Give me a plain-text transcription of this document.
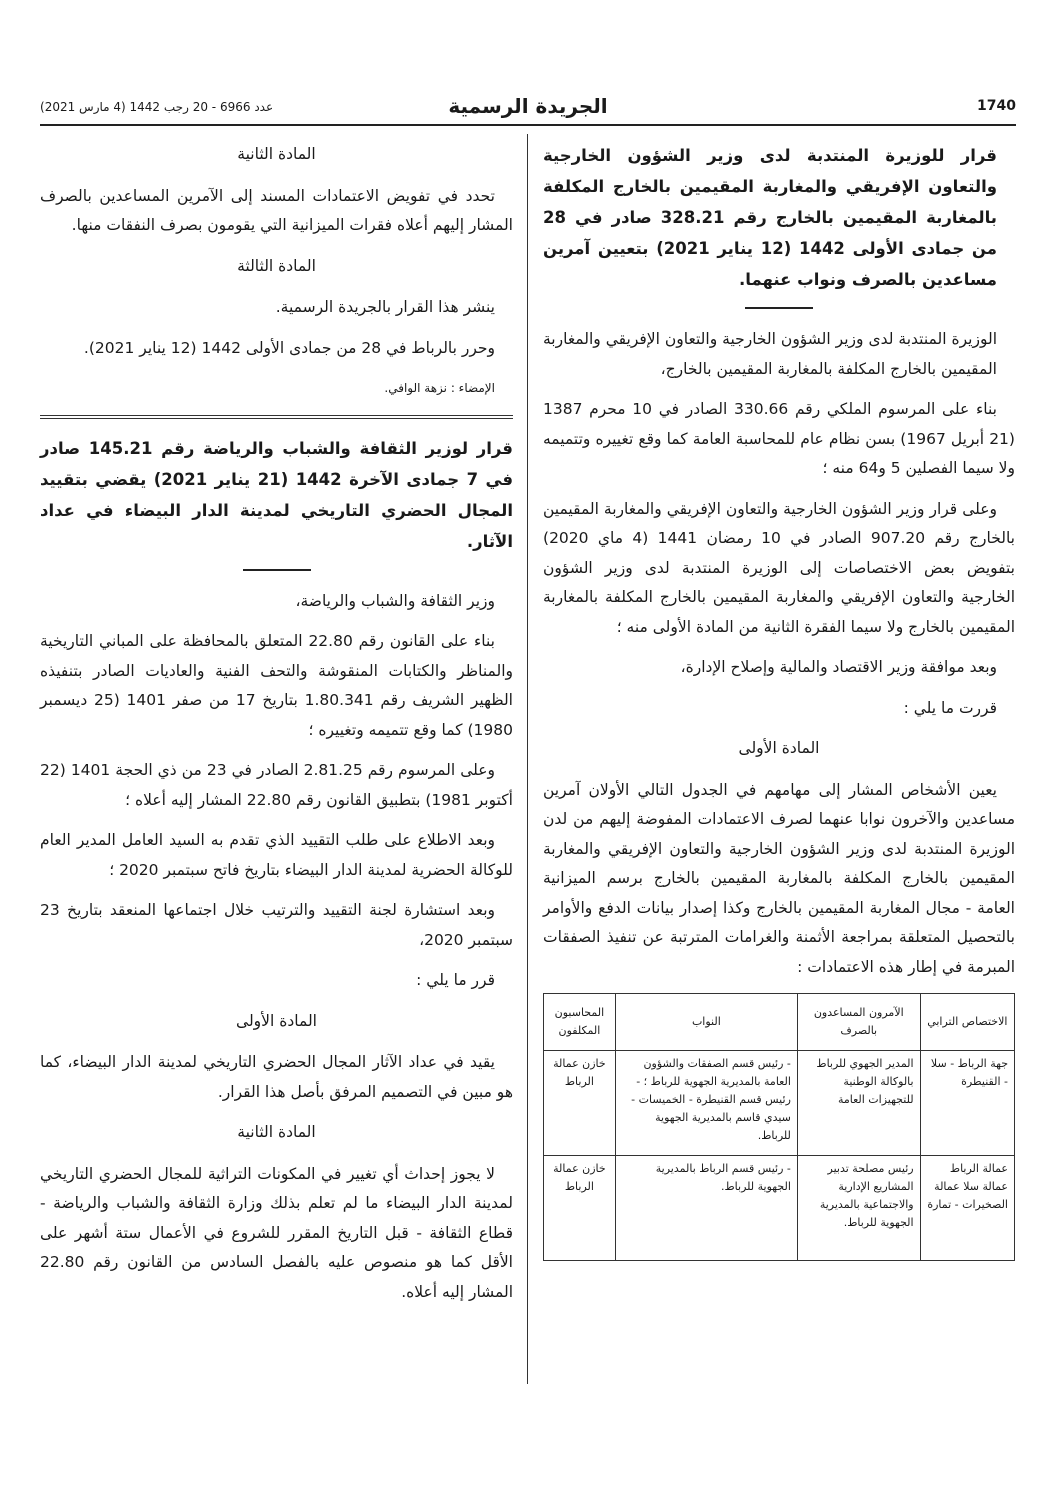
1740
الجريدة الرسمية
عدد 6966 - 20 رجب 1442 (4 مارس 2021)

قرار للوزيرة المنتدبة لدى وزير الشؤون الخارجية والتعاون الإفريقي والمغاربة المقيمين بالخارج المكلفة بالمغاربة المقيمين بالخارج رقم 328.21 صادر في 28 من جمادى الأولى 1442 (12 يناير 2021) بتعيين آمرين مساعدين بالصرف ونواب عنهما.

الوزيرة المنتدبة لدى وزير الشؤون الخارجية والتعاون الإفريقي والمغاربة المقيمين بالخارج المكلفة بالمغاربة المقيمين بالخارج،

بناء على المرسوم الملكي رقم 330.66 الصادر في 10 محرم 1387 (21 أبريل 1967) بسن نظام عام للمحاسبة العامة كما وقع تغييره وتتميمه ولا سيما الفصلين 5 و64 منه ؛

وعلى قرار وزير الشؤون الخارجية والتعاون الإفريقي والمغاربة المقيمين بالخارج رقم 907.20 الصادر في 10 رمضان 1441 (4 ماي 2020) بتفويض بعض الاختصاصات إلى الوزيرة المنتدبة لدى وزير الشؤون الخارجية والتعاون الإفريقي والمغاربة المقيمين بالخارج المكلفة بالمغاربة المقيمين بالخارج ولا سيما الفقرة الثانية من المادة الأولى منه ؛

وبعد موافقة وزير الاقتصاد والمالية وإصلاح الإدارة،

قررت ما يلي :

المادة الأولى

يعين الأشخاص المشار إلى مهامهم في الجدول التالي الأولان آمرين مساعدين والآخرون نوابا عنهما لصرف الاعتمادات المفوضة إليهم من لدن الوزيرة المنتدبة لدى وزير الشؤون الخارجية والتعاون الإفريقي والمغاربة المقيمين بالخارج المكلفة بالمغاربة المقيمين بالخارج برسم الميزانية العامة - مجال المغاربة المقيمين بالخارج وكذا إصدار بيانات الدفع والأوامر بالتحصيل المتعلقة بمراجعة الأثمنة والغرامات المترتبة عن تنفيذ الصفقات المبرمة في إطار هذه الاعتمادات :

الاختصاص الترابي	الآمرون المساعدون بالصرف	النواب	المحاسبون المكلفون
جهة الرباط - سلا - القنيطرة	المدير الجهوي للرباط بالوكالة الوطنية للتجهيزات العامة	- رئيس قسم الصفقات والشؤون العامة بالمديرية الجهوية للرباط ؛ - رئيس قسم القنيطرة - الخميسات - سيدي قاسم بالمديرية الجهوية للرباط.	خازن عمالة الرباط
عمالة الرباط عمالة سلا عمالة الصخيرات - تمارة	رئيس مصلحة تدبير المشاريع الإدارية والاجتماعية بالمديرية الجهوية للرباط.	- رئيس قسم الرباط بالمديرية الجهوية للرباط.	خازن عمالة الرباط
المادة الثانية

تحدد في تفويض الاعتمادات المسند إلى الآمرين المساعدين بالصرف المشار إليهم أعلاه فقرات الميزانية التي يقومون بصرف النفقات منها.

المادة الثالثة

ينشر هذا القرار بالجريدة الرسمية.

وحرر بالرباط في 28 من جمادى الأولى 1442 (12 يناير 2021).

الإمضاء : نزهة الوافي.

قرار لوزير الثقافة والشباب والرياضة رقم 145.21 صادر في 7 جمادى الآخرة 1442 (21 يناير 2021) يقضي بتقييد المجال الحضري التاريخي لمدينة الدار البيضاء في عداد الآثار.

وزير الثقافة والشباب والرياضة،

بناء على القانون رقم 22.80 المتعلق بالمحافظة على المباني التاريخية والمناظر والكتابات المنقوشة والتحف الفنية والعاديات الصادر بتنفيذه الظهير الشريف رقم 1.80.341 بتاريخ 17 من صفر 1401 (25 ديسمبر 1980) كما وقع تتميمه وتغييره ؛

وعلى المرسوم رقم 2.81.25 الصادر في 23 من ذي الحجة 1401 (22 أكتوبر 1981) بتطبيق القانون رقم 22.80 المشار إليه أعلاه ؛

وبعد الاطلاع على طلب التقييد الذي تقدم به السيد العامل المدير العام للوكالة الحضرية لمدينة الدار البيضاء بتاريخ فاتح سبتمبر 2020 ؛

وبعد استشارة لجنة التقييد والترتيب خلال اجتماعها المنعقد بتاريخ 23 سبتمبر 2020،

قرر ما يلي :

المادة الأولى

يقيد في عداد الآثار المجال الحضري التاريخي لمدينة الدار البيضاء، كما هو مبين في التصميم المرفق بأصل هذا القرار.

المادة الثانية

لا يجوز إحداث أي تغيير في المكونات التراثية للمجال الحضري التاريخي لمدينة الدار البيضاء ما لم تعلم بذلك وزارة الثقافة والشباب والرياضة - قطاع الثقافة - قبل التاريخ المقرر للشروع في الأعمال ستة أشهر على الأقل كما هو منصوص عليه بالفصل السادس من القانون رقم 22.80 المشار إليه أعلاه.
